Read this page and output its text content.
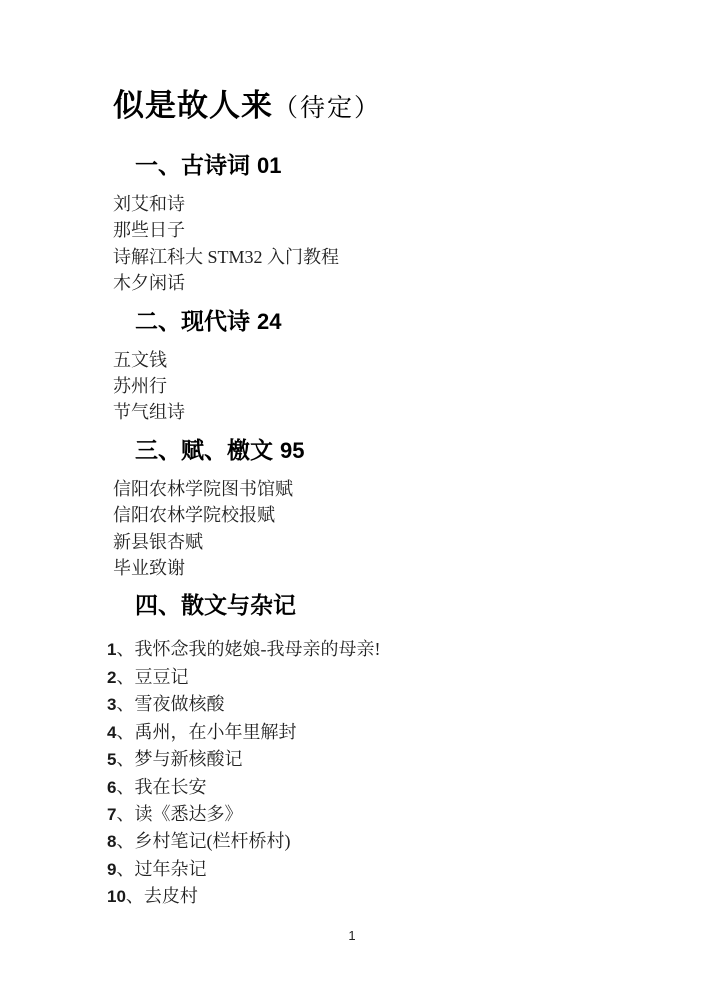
似是故人来（待定）
一、古诗词 01
刘艾和诗
那些日子
诗解江科大 STM32 入门教程
木夕闲话
二、现代诗 24
五文钱
苏州行
节气组诗
三、赋、檄文 95
信阳农林学院图书馆赋
信阳农林学院校报赋
新县银杏赋
毕业致谢
四、散文与杂记
1、我怀念我的姥娘-我母亲的母亲!
2、豆豆记
3、雪夜做核酸
4、禹州，在小年里解封
5、梦与新核酸记
6、我在长安
7、读《悉达多》
8、乡村笔记(栏杆桥村)
9、过年杂记
10、去皮村
1
